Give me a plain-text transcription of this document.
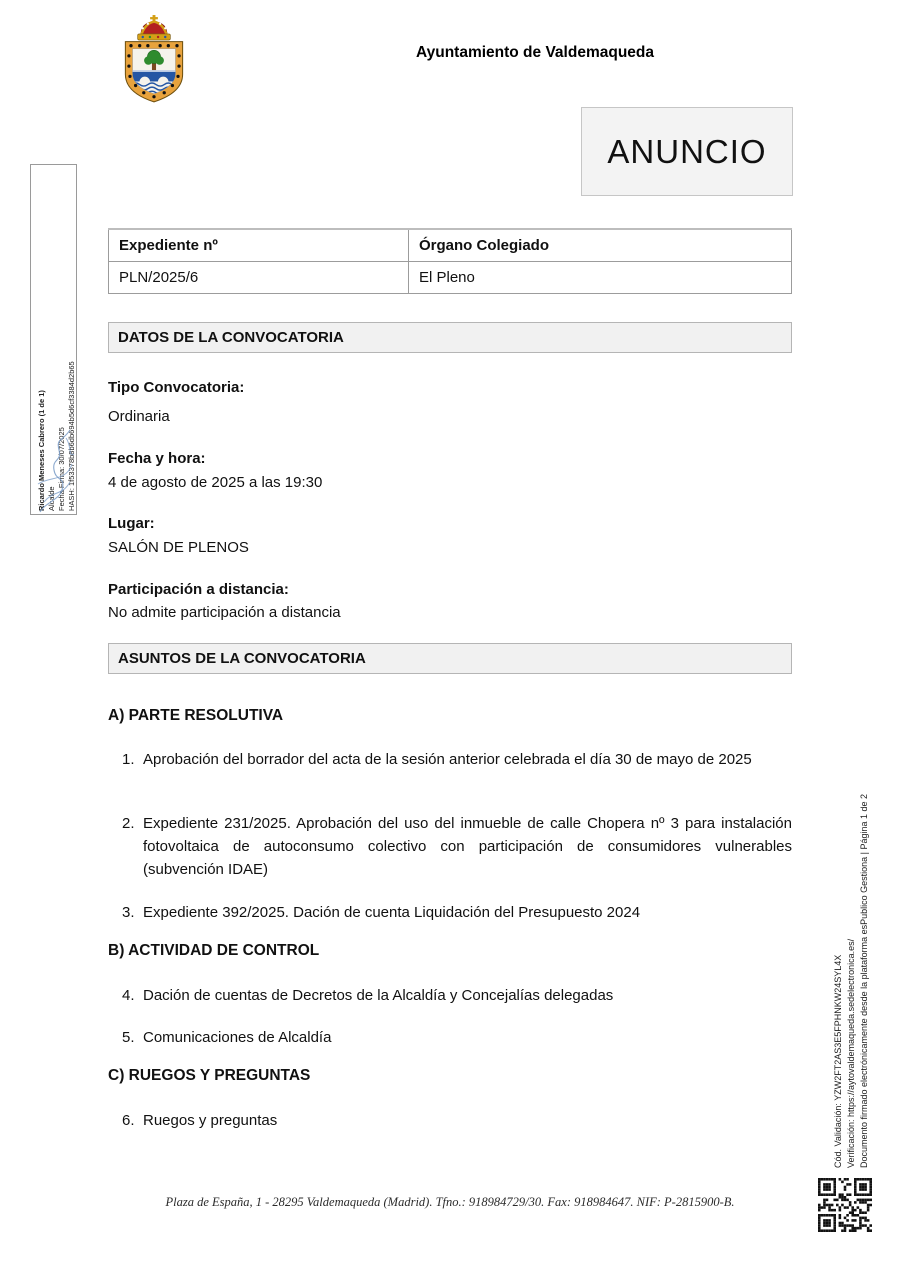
Ayuntamiento de Valdemaqueda
ANUNCIO
Expediente nº	Órgano Colegiado
PLN/2025/6	El Pleno
DATOS DE LA CONVOCATORIA
Tipo Convocatoria:
Ordinaria
Fecha y hora:
4 de agosto de 2025 a las 19:30
Lugar:
SALÓN DE PLENOS
Participación a distancia:
No admite participación a distancia
ASUNTOS DE LA CONVOCATORIA
A) PARTE RESOLUTIVA
1. Aprobación del borrador del acta de la sesión anterior celebrada el día 30 de mayo de 2025
2. Expediente 231/2025. Aprobación del uso del inmueble de calle Chopera nº 3 para instalación fotovoltaica de autoconsumo colectivo con participación de consumidores vulnerables (subvención IDAE)
3. Expediente 392/2025. Dación de cuenta Liquidación del Presupuesto 2024
B) ACTIVIDAD DE CONTROL
4. Dación de cuentas de Decretos de la Alcaldía y Concejalías delegadas
5. Comunicaciones de Alcaldía
C) RUEGOS Y PREGUNTAS
6. Ruegos y preguntas
Ricardo Meneses Cabrero (1 de 1) Alcalde Fecha Firma: 30/07/2025 HASH: 1f53378b8b6db694b5d6cf3384d2b65
Cód. Validación: YZW2FT2AS3E5FPHNKW24SYL4X Verificación: https://aytovaldemaqueda.sedelectronica.es/ Documento firmado electrónicamente desde la plataforma esPublico Gestiona | Página 1 de 2
Plaza de España, 1 - 28295 Valdemaqueda (Madrid). Tfno.: 918984729/30. Fax: 918984647. NIF: P-2815900-B.
